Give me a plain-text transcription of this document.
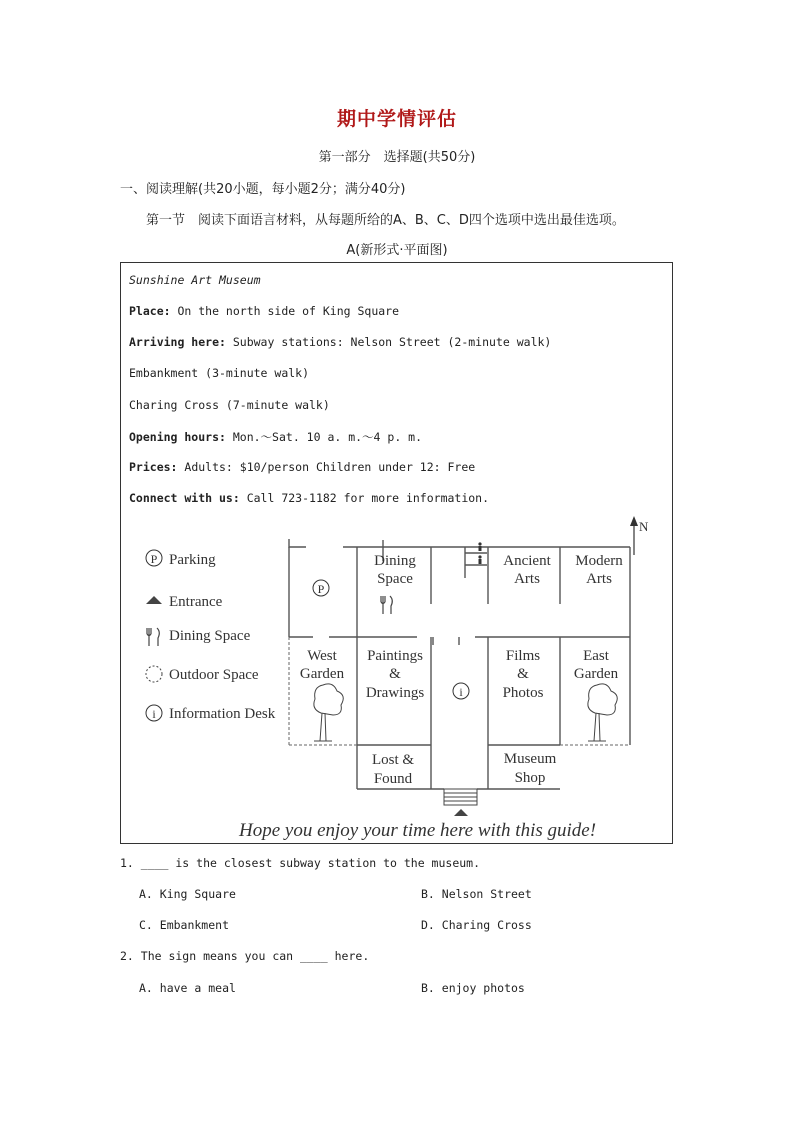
期中学情评估
第一部分　选择题(共50分)
一、阅读理解(共20小题，每小题2分；满分40分)
第一节　阅读下面语言材料，从每题所给的A、B、C、D四个选项中选出最佳选项。
A(新形式·平面图)
Sunshine Art Museum
Place: On the north side of King Square
Arriving here: Subway stations: Nelson Street (2-minute walk)
Embankment (3-minute walk)
Charing Cross (7-minute walk)
Opening hours: Mon.～Sat. 10 a. m.～4 p. m.
Prices: Adults: $10/person Children under 12: Free
Connect with us: Call 723-1182 for more information.
P Parking
Entrance
Dining Space
Outdoor Space
i Information Desk
N
P
i
Dining
Space
Ancient
Arts
Modern
Arts
West
Garden
Paintings
&
Drawings
Films
&
Photos
East
Garden
Lost &
Found
Museum
Shop
Hope you enjoy your time here with this guide!
1. ____ is the closest subway station to the museum.
A. King Square	B. Nelson Street
C. Embankment	D. Charing Cross
2. The sign means you can ____ here.
A. have a meal	B. enjoy photos
